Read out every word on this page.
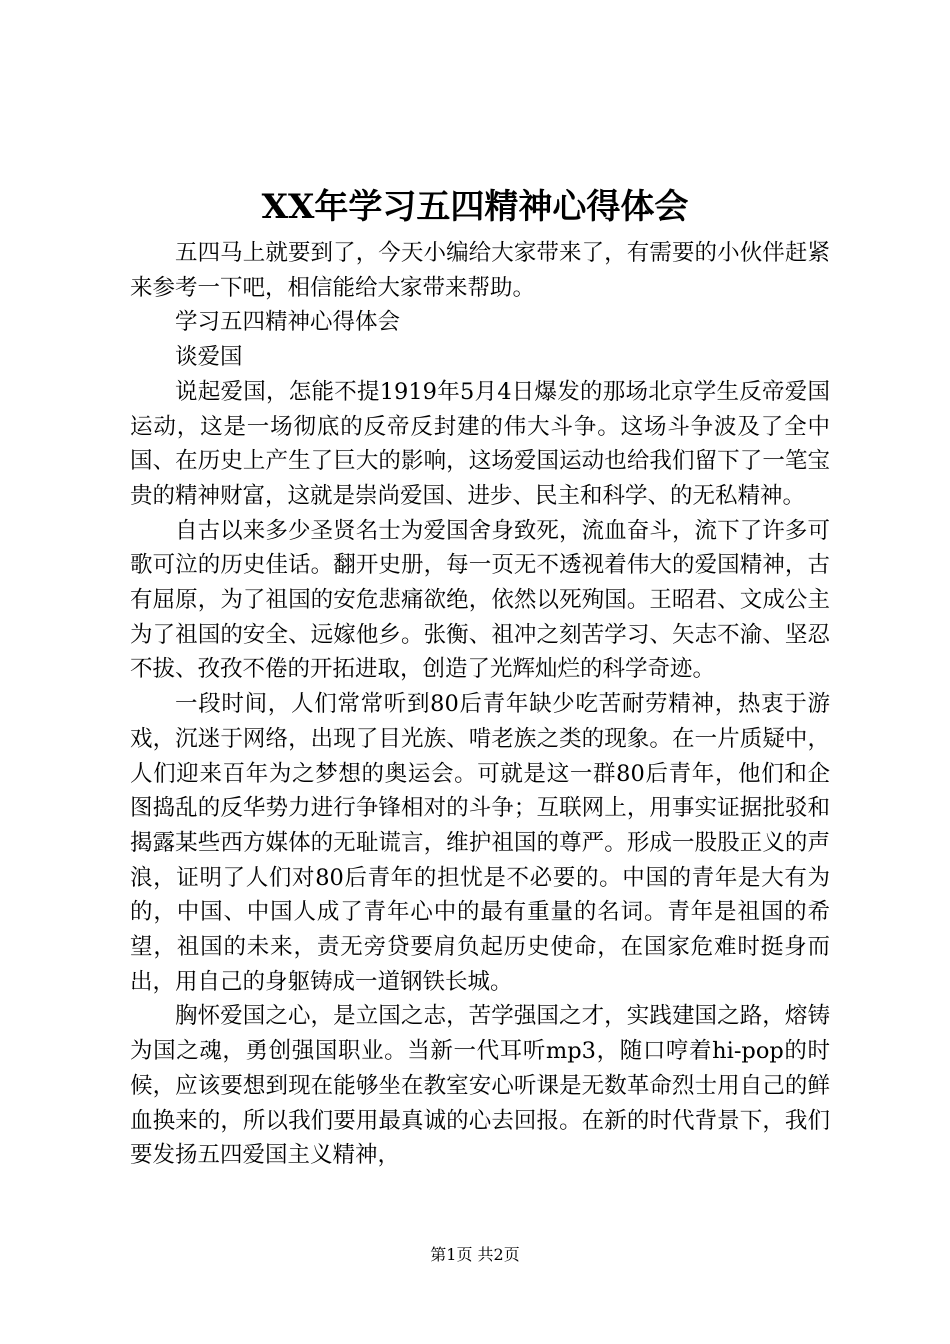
XX年学习五四精神心得体会

五四马上就要到了，今天小编给大家带来了，有需要的小伙伴赶紧来参考一下吧，相信能给大家带来帮助。

学习五四精神心得体会

谈爱国

说起爱国，怎能不提1919年5月4日爆发的那场北京学生反帝爱国运动，这是一场彻底的反帝反封建的伟大斗争。这场斗争波及了全中国、在历史上产生了巨大的影响，这场爱国运动也给我们留下了一笔宝贵的精神财富，这就是崇尚爱国、进步、民主和科学、的无私精神。

自古以来多少圣贤名士为爱国舍身致死，流血奋斗，流下了许多可歌可泣的历史佳话。翻开史册，每一页无不透视着伟大的爱国精神，古有屈原，为了祖国的安危悲痛欲绝，依然以死殉国。王昭君、文成公主为了祖国的安全、远嫁他乡。张衡、祖冲之刻苦学习、矢志不渝、坚忍不拔、孜孜不倦的开拓进取，创造了光辉灿烂的科学奇迹。

一段时间，人们常常听到80后青年缺少吃苦耐劳精神，热衷于游戏，沉迷于网络，出现了目光族、啃老族之类的现象。在一片质疑中，人们迎来百年为之梦想的奥运会。可就是这一群80后青年，他们和企图捣乱的反华势力进行争锋相对的斗争；互联网上，用事实证据批驳和揭露某些西方媒体的无耻谎言，维护祖国的尊严。形成一股股正义的声浪，证明了人们对80后青年的担忧是不必要的。中国的青年是大有为的，中国、中国人成了青年心中的最有重量的名词。青年是祖国的希望，祖国的未来，责无旁贷要肩负起历史使命，在国家危难时挺身而出，用自己的身躯铸成一道钢铁长城。

胸怀爱国之心，是立国之志，苦学强国之才，实践建国之路，熔铸为国之魂，勇创强国职业。当新一代耳听mp3，随口哼着hi-pop的时候，应该要想到现在能够坐在教室安心听课是无数革命烈士用自己的鲜血换来的，所以我们要用最真诚的心去回报。在新的时代背景下，我们要发扬五四爱国主义精神，

第1页 共2页
